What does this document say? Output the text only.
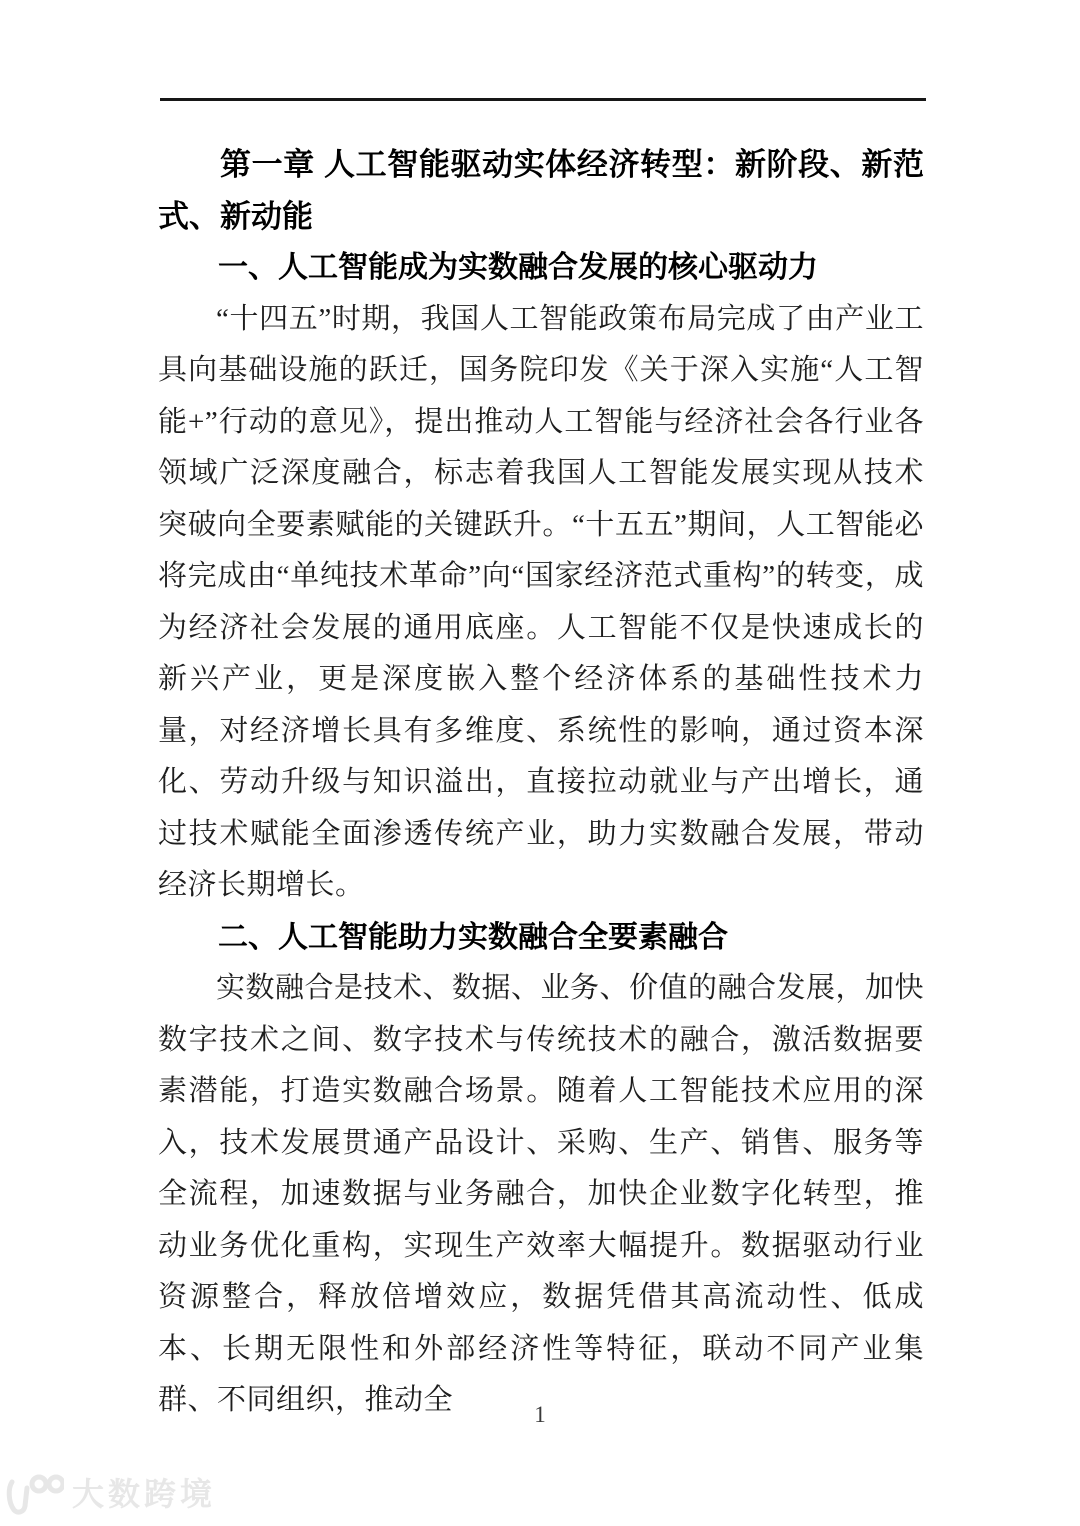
第一章 人工智能驱动实体经济转型：新阶段、新范式、新动能

一、人工智能成为实数融合发展的核心驱动力

“十四五”时期，我国人工智能政策布局完成了由产业工具向基础设施的跃迁，国务院印发《关于深入实施“人工智能+”行动的意见》，提出推动人工智能与经济社会各行业各领域广泛深度融合，标志着我国人工智能发展实现从技术突破向全要素赋能的关键跃升。“十五五”期间，人工智能必将完成由“单纯技术革命”向“国家经济范式重构”的转变，成为经济社会发展的通用底座。人工智能不仅是快速成长的新兴产业，更是深度嵌入整个经济体系的基础性技术力量，对经济增长具有多维度、系统性的影响，通过资本深化、劳动升级与知识溢出，直接拉动就业与产出增长，通过技术赋能全面渗透传统产业，助力实数融合发展，带动经济长期增长。

二、人工智能助力实数融合全要素融合

实数融合是技术、数据、业务、价值的融合发展，加快数字技术之间、数字技术与传统技术的融合，激活数据要素潜能，打造实数融合场景。随着人工智能技术应用的深入，技术发展贯通产品设计、采购、生产、销售、服务等全流程，加速数据与业务融合，加快企业数字化转型，推动业务优化重构，实现生产效率大幅提升。数据驱动行业资源整合，释放倍增效应，数据凭借其高流动性、低成本、长期无限性和外部经济性等特征，联动不同产业集群、不同组织，推动全	1
大数跨境
